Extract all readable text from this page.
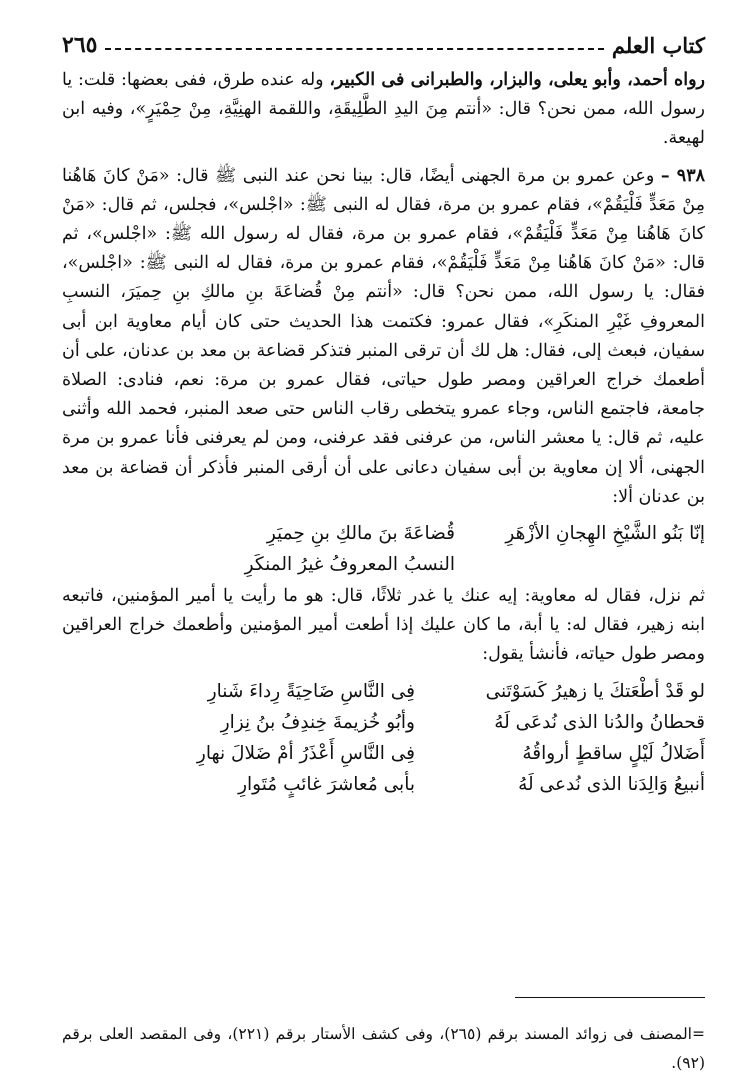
كتاب العلم
٢٦٥

رواه أحمد، وأبو يعلى، والبزار، والطبرانى فى الكبير، وله عنده طرق، ففى بعضها: قلت: يا رسول الله، ممن نحن؟ قال: «أنتم مِنَ اليدِ الطَّلِيقَةِ، واللقمة الهنِيَّةِ، مِنْ حِمْيَرٍ»، وفيه ابن لهيعة.

٩٣٨ – وعن عمرو بن مرة الجهنى أيضًا، قال: بينا نحن عند النبى ﷺ قال: «مَنْ كانَ هَاهُنا مِنْ مَعَدٍّ فَلْيَقُمْ»، فقام عمرو بن مرة، فقال له النبى ﷺ: «اجْلس»، فجلس، ثم قال: «مَنْ كانَ هَاهُنا مِنْ مَعَدٍّ فَلْيَقُمْ»، فقام عمرو بن مرة، فقال له رسول الله ﷺ: «اجْلس»، ثم قال: «مَنْ كانَ هَاهُنا مِنْ مَعَدٍّ فَلْيَقُمْ»، فقام عمرو بن مرة، فقال له النبى ﷺ: «اجْلس»، فقال: يا رسول الله، ممن نحن؟ قال: «أنتم مِنْ قُضاعَةَ بنِ مالكِ بنِ حِميَرَ، النسبِ المعروفِ غَيْرِ المنكَرِ»، فقال عمرو: فكتمت هذا الحديث حتى كان أيام معاوية ابن أبى سفيان، فبعث إلى، فقال: هل لك أن ترقى المنبر فتذكر قضاعة بن معد بن عدنان، على أن أطعمك خراج العراقين ومصر طول حياتى، فقال عمرو بن مرة: نعم، فنادى: الصلاة جامعة، فاجتمع الناس، وجاء عمرو يتخطى رقاب الناس حتى صعد المنبر، فحمد الله وأثنى عليه، ثم قال: يا معشر الناس، من عرفنى فقد عرفنى، ومن لم يعرفنى فأنا عمرو بن مرة الجهنى، ألا إن معاوية بن أبى سفيان دعانى على أن أرقى المنبر فأذكر أن قضاعة بن معد بن عدنان ألا:

إنّا بَنُو الشَّيْخِ الهِجانِ الأزْهَرِ
قُضاعَةَ بنَ مالكِ بنِ حِميَرِ
النسبُ المعروفُ غيرُ المنكَرِ

ثم نزل، فقال له معاوية: إيه عنك يا غدر ثلاثًا، قال: هو ما رأيت يا أمير المؤمنين، فاتبعه ابنه زهير، فقال له: يا أبة، ما كان عليك إذا أطعت أمير المؤمنين وأطعمك خراج العراقين ومصر طول حياته، فأنشأ يقول:

لو قَدْ أطْعَتكَ يا زهيرُ كَسَوْتَنى
فِى النَّاسِ ضَاحِيَةً رِداءَ شَنارِ
قحطانُ والدُنا الذى نُدعَى لَهُ
وأبُو خُزيمةَ خِندِفُ بنُ نِزارِ
أَضَلالُ لَيْلٍ ساقطٍ أرواقُهُ
فِى النَّاسِ أَعْذَرُ أمْ ضَلالَ نهارِ
أنبيعُ وَالِدَنا الذى نُدعى لَهُ
بأبى مُعاشرَ غائبٍ مُتَوارِ

=المصنف فى زوائد المسند برقم (٢٦٥)، وفى كشف الأستار برقم (٢٢١)، وفى المقصد العلى برقم (٩٢).
